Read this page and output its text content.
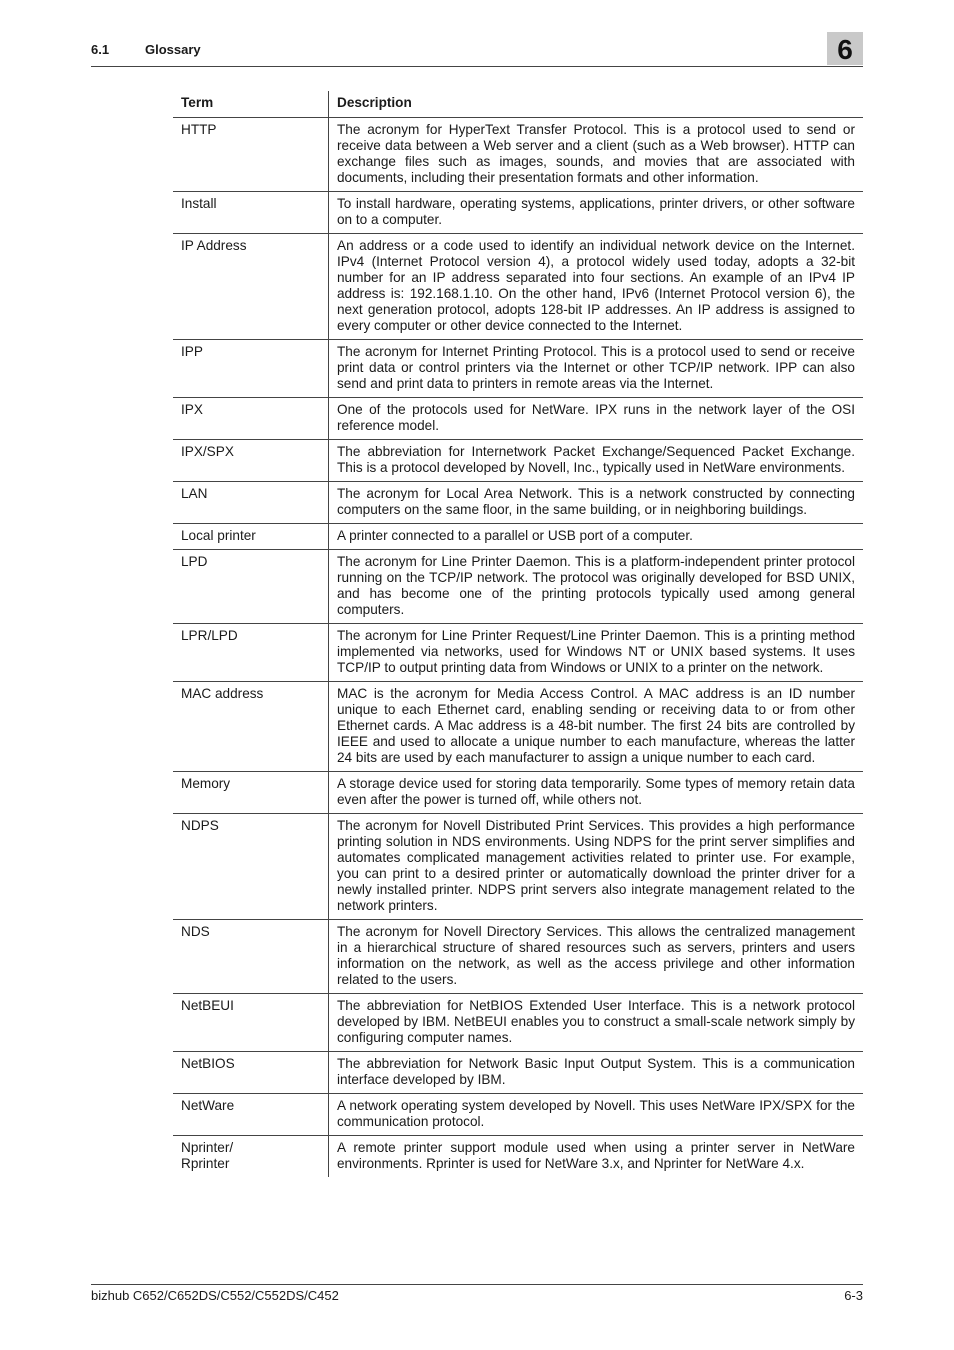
6.1	Glossary	6
Term	Description
HTTP	The acronym for HyperText Transfer Protocol. This is a protocol used to send or receive data between a Web server and a client (such as a Web browser). HTTP can exchange files such as images, sounds, and movies that are associated with documents, including their presentation formats and other information.
Install	To install hardware, operating systems, applications, printer drivers, or other software on to a computer.
IP Address	An address or a code used to identify an individual network device on the Internet. IPv4 (Internet Protocol version 4), a protocol widely used today, adopts a 32-bit number for an IP address separated into four sections. An example of an IPv4 IP address is: 192.168.1.10. On the other hand, IPv6 (Internet Protocol version 6), the next generation protocol, adopts 128-bit IP addresses. An IP address is assigned to every computer or other device connected to the Internet.
IPP	The acronym for Internet Printing Protocol. This is a protocol used to send or receive print data or control printers via the Internet or other TCP/IP network. IPP can also send and print data to printers in remote areas via the Internet.
IPX	One of the protocols used for NetWare. IPX runs in the network layer of the OSI reference model.
IPX/SPX	The abbreviation for Internetwork Packet Exchange/Sequenced Packet Exchange. This is a protocol developed by Novell, Inc., typically used in NetWare environments.
LAN	The acronym for Local Area Network. This is a network constructed by connecting computers on the same floor, in the same building, or in neighboring buildings.
Local printer	A printer connected to a parallel or USB port of a computer.
LPD	The acronym for Line Printer Daemon. This is a platform-independent printer protocol running on the TCP/IP network. The protocol was originally developed for BSD UNIX, and has become one of the printing protocols typically used among general computers.
LPR/LPD	The acronym for Line Printer Request/Line Printer Daemon. This is a printing method implemented via networks, used for Windows NT or UNIX based systems. It uses TCP/IP to output printing data from Windows or UNIX to a printer on the network.
MAC address	MAC is the acronym for Media Access Control. A MAC address is an ID number unique to each Ethernet card, enabling sending or receiving data to or from other Ethernet cards. A Mac address is a 48-bit number. The first 24 bits are controlled by IEEE and used to allocate a unique number to each manufacture, whereas the latter 24 bits are used by each manufacturer to assign a unique number to each card.
Memory	A storage device used for storing data temporarily. Some types of memory retain data even after the power is turned off, while others not.
NDPS	The acronym for Novell Distributed Print Services. This provides a high performance printing solution in NDS environments. Using NDPS for the print server simplifies and automates complicated management activities related to printer use. For example, you can print to a desired printer or automatically download the printer driver for a newly installed printer. NDPS print servers also integrate management related to the network printers.
NDS	The acronym for Novell Directory Services. This allows the centralized management in a hierarchical structure of shared resources such as servers, printers and users information on the network, as well as the access privilege and other information related to the users.
NetBEUI	The abbreviation for NetBIOS Extended User Interface. This is a network protocol developed by IBM. NetBEUI enables you to construct a small-scale network simply by configuring computer names.
NetBIOS	The abbreviation for Network Basic Input Output System. This is a communication interface developed by IBM.
NetWare	A network operating system developed by Novell. This uses NetWare IPX/SPX for the communication protocol.
Nprinter/
Rprinter	A remote printer support module used when using a printer server in NetWare environments. Rprinter is used for NetWare 3.x, and Nprinter for NetWare 4.x.
bizhub C652/C652DS/C552/C552DS/C452	6-3
